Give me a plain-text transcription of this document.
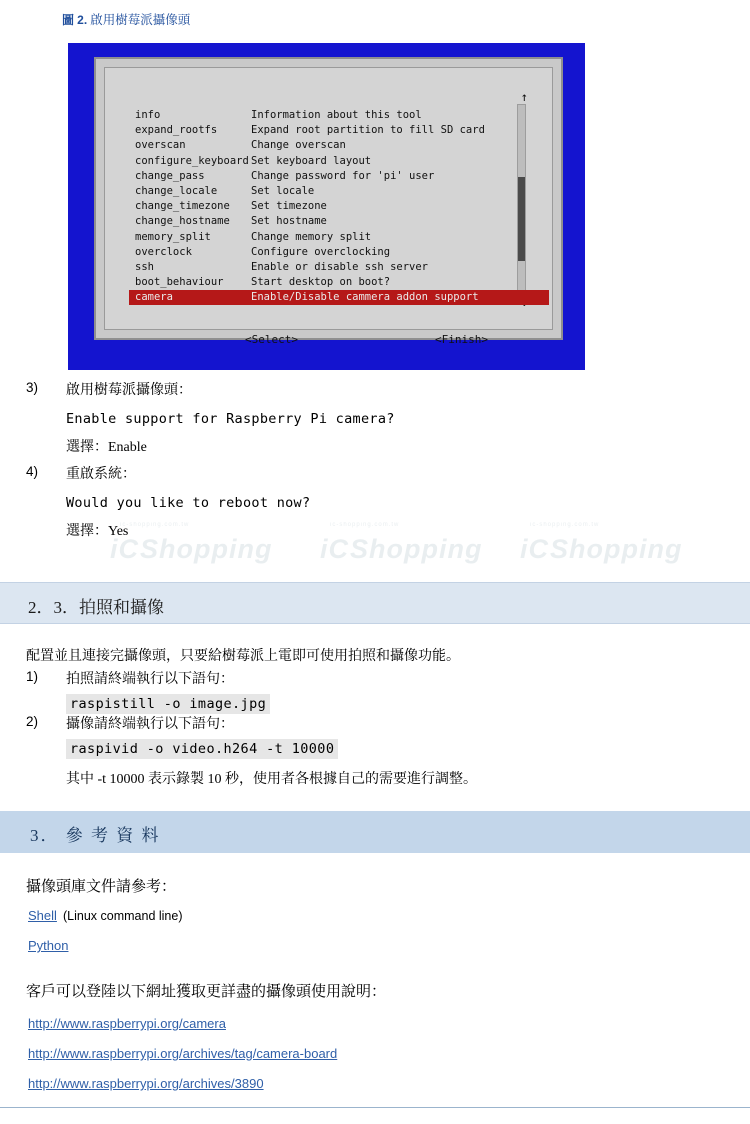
圖 2. 啟用樹莓派攝像頭
↑
info	Information about this tool
expand_rootfs	Expand root partition to fill SD card
overscan	Change overscan
configure_keyboard Set keyboard layout
change_pass	Change password for 'pi' user
change_locale	Set locale
change_timezone Set timezone
change_hostname Set hostname
memory_split	Change memory split
overclock	Configure overclocking
ssh	Enable or disable ssh server
boot_behaviour	Start desktop on boot?
camera	Enable/Disable cammera addon support
<Select>	<Finish>
3) 啟用樹莓派攝像頭：
Enable support for Raspberry Pi camera?
選擇：Enable
4) 重啟系統：
Would you like to reboot now?
選擇：Yes
iC Shopping
ic-shopping.com.tw
iC Shopping
ic-shopping.com.tw
iC Shopping
ic-shopping.com.tw
2．3．拍照和攝像
配置並且連接完攝像頭，只要給樹莓派上電即可使用拍照和攝像功能。
1) 拍照請終端執行以下語句：
raspistill -o image.jpg
2) 攝像請終端執行以下語句：
raspivid -o video.h264 -t 10000
其中 -t 10000 表示錄製 10 秒，使用者各根據自己的需要進行調整。
3． 參 考 資 料
攝像頭庫文件請參考：
Shell (Linux command line)
Python
客戶可以登陸以下網址獲取更詳盡的攝像頭使用說明：
http://www.raspberrypi.org/camera
http://www.raspberrypi.org/archives/tag/camera-board
http://www.raspberrypi.org/archives/3890
